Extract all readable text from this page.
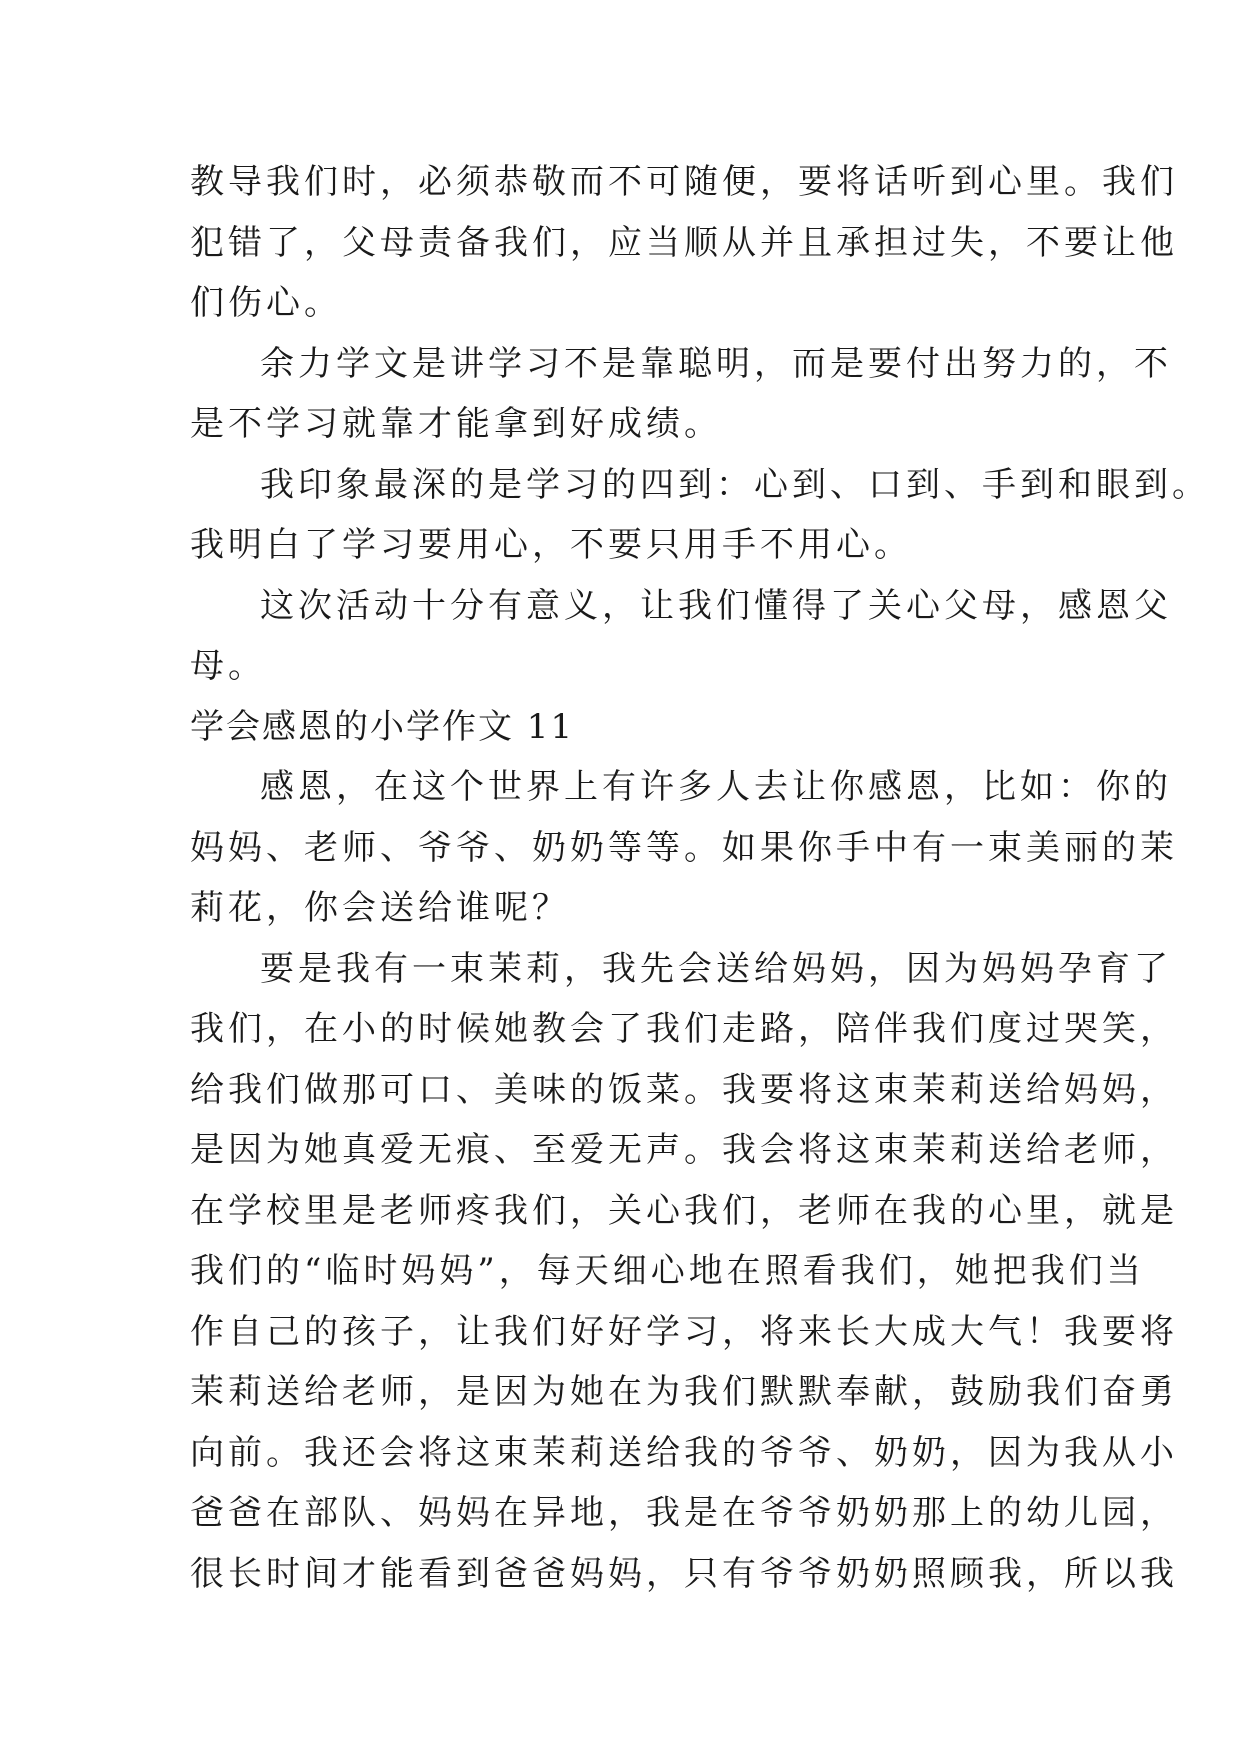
教导我们时，必须恭敬而不可随便，要将话听到心里。我们
犯错了，父母责备我们，应当顺从并且承担过失，不要让他
们伤心。
余力学文是讲学习不是靠聪明，而是要付出努力的，不
是不学习就靠才能拿到好成绩。
我印象最深的是学习的四到：心到、口到、手到和眼到。
我明白了学习要用心，不要只用手不用心。
这次活动十分有意义，让我们懂得了关心父母，感恩父
母。
学会感恩的小学作文 11
感恩，在这个世界上有许多人去让你感恩，比如：你的
妈妈、老师、爷爷、奶奶等等。如果你手中有一束美丽的茉
莉花，你会送给谁呢？
要是我有一束茉莉，我先会送给妈妈，因为妈妈孕育了
我们，在小的时候她教会了我们走路，陪伴我们度过哭笑，
给我们做那可口、美味的饭菜。我要将这束茉莉送给妈妈，
是因为她真爱无痕、至爱无声。我会将这束茉莉送给老师，
在学校里是老师疼我们，关心我们，老师在我的心里，就是
我们的“临时妈妈”，每天细心地在照看我们，她把我们当
作自己的孩子，让我们好好学习，将来长大成大气！我要将
茉莉送给老师，是因为她在为我们默默奉献，鼓励我们奋勇
向前。我还会将这束茉莉送给我的爷爷、奶奶，因为我从小
爸爸在部队、妈妈在异地，我是在爷爷奶奶那上的幼儿园，
很长时间才能看到爸爸妈妈，只有爷爷奶奶照顾我，所以我
